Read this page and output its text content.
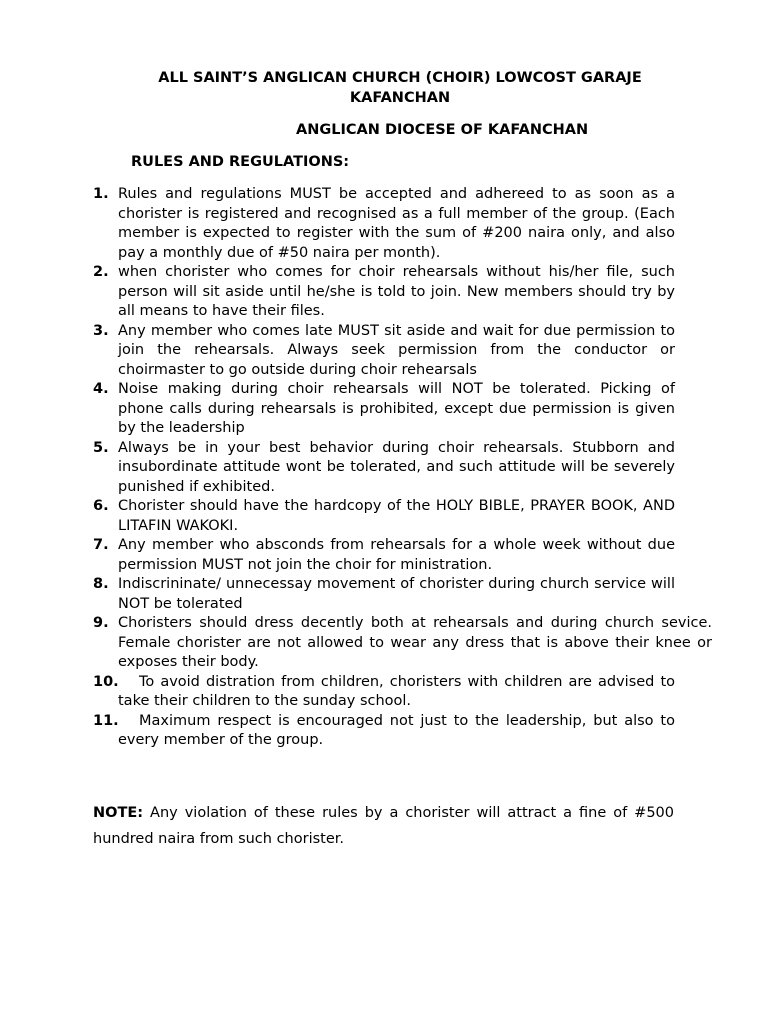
ALL SAINT’S ANGLICAN CHURCH (CHOIR) LOWCOST GARAJE KAFANCHAN
ANGLICAN DIOCESE OF KAFANCHAN
RULES AND REGULATIONS:
1. Rules and regulations MUST be accepted and adhereed to as soon as a chorister is registered and recognised as a full member of the group. (Each member is expected to register with the sum of #200 naira only, and also pay a monthly due of #50 naira per month).
2. when chorister who comes for choir rehearsals without his/her file, such person will sit aside until he/she is told to join. New members should try by all means to have their files.
3. Any member who comes late MUST sit aside and wait for due permission to join the rehearsals. Always seek permission from the conductor or choirmaster to go outside during choir rehearsals
4. Noise making during choir rehearsals will NOT be tolerated. Picking of phone calls during rehearsals is prohibited, except due permission is given by the leadership
5. Always be in your best behavior during choir rehearsals. Stubborn and insubordinate attitude wont be tolerated, and such attitude will be severely punished if exhibited.
6. Chorister should have the hardcopy of the HOLY BIBLE, PRAYER BOOK, AND LITAFIN WAKOKI.
7. Any member who absconds from rehearsals for a whole week without due permission MUST not join the choir for ministration.
8. Indiscrininate/ unnecessay movement of chorister during church service will NOT be tolerated
9. Choristers should dress decently both at rehearsals and during church sevice. Female chorister are not allowed to wear any dress that is above their knee or exposes their body.
10.	To avoid distration from children, choristers with children are advised to take their children to the sunday school.
11.	Maximum respect is encouraged not just to the leadership, but also to every member of the group.
NOTE: Any violation of these rules by a chorister will attract a fine of #500 hundred naira from such chorister.
